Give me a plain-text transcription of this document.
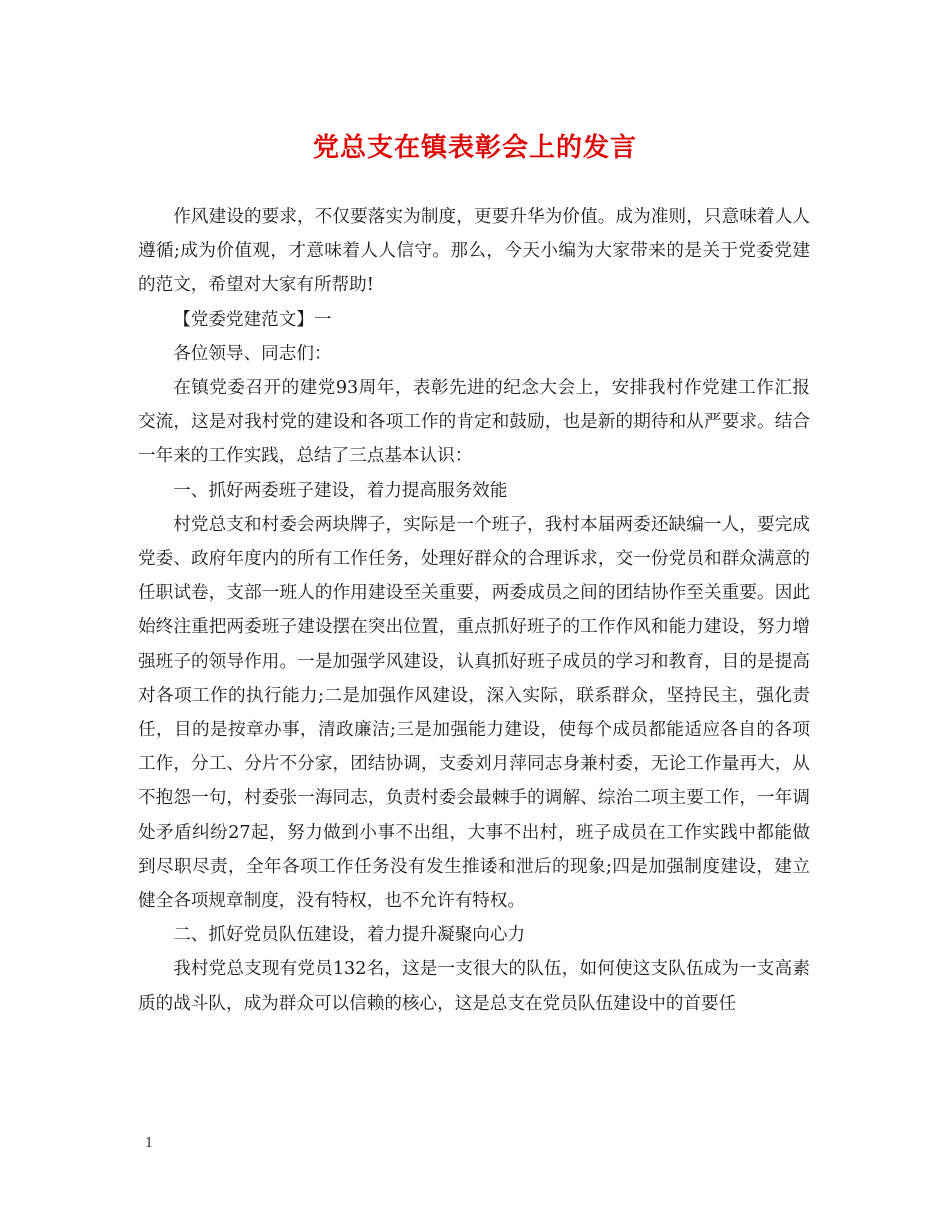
党总支在镇表彰会上的发言

作风建设的要求，不仅要落实为制度，更要升华为价值。成为准则，只意味着人人遵循;成为价值观，才意味着人人信守。那么，今天小编为大家带来的是关于党委党建的范文，希望对大家有所帮助!

【党委党建范文】一

各位领导、同志们：

在镇党委召开的建党93周年，表彰先进的纪念大会上，安排我村作党建工作汇报交流，这是对我村党的建设和各项工作的肯定和鼓励，也是新的期待和从严要求。结合一年来的工作实践，总结了三点基本认识：

一、抓好两委班子建设，着力提高服务效能

村党总支和村委会两块牌子，实际是一个班子，我村本届两委还缺编一人，要完成党委、政府年度内的所有工作任务，处理好群众的合理诉求，交一份党员和群众满意的任职试卷，支部一班人的作用建设至关重要，两委成员之间的团结协作至关重要。因此始终注重把两委班子建设摆在突出位置，重点抓好班子的工作作风和能力建设，努力增强班子的领导作用。一是加强学风建设，认真抓好班子成员的学习和教育，目的是提高对各项工作的执行能力;二是加强作风建设，深入实际，联系群众，坚持民主，强化责任，目的是按章办事，清政廉洁;三是加强能力建设，使每个成员都能适应各自的各项工作，分工、分片不分家，团结协调，支委刘月萍同志身兼村委，无论工作量再大，从不抱怨一句，村委张一海同志，负责村委会最棘手的调解、综治二项主要工作，一年调处矛盾纠纷27起，努力做到小事不出组，大事不出村，班子成员在工作实践中都能做到尽职尽责，全年各项工作任务没有发生推诿和泄后的现象;四是加强制度建设，建立健全各项规章制度，没有特权，也不允许有特权。

二、抓好党员队伍建设，着力提升凝聚向心力

我村党总支现有党员132名，这是一支很大的队伍，如何使这支队伍成为一支高素质的战斗队，成为群众可以信赖的核心，这是总支在党员队伍建设中的首要任

1
